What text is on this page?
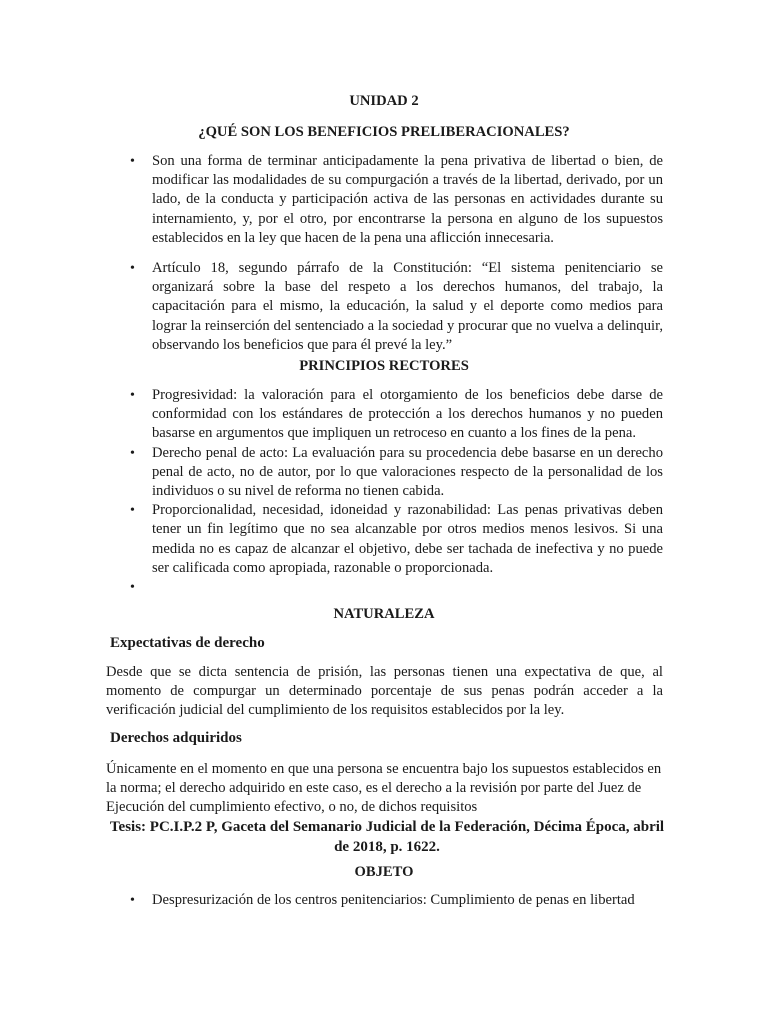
UNIDAD 2
¿QUÉ SON LOS BENEFICIOS PRELIBERACIONALES?
• Son una forma de terminar anticipadamente la pena privativa de libertad o bien, de modificar las modalidades de su compurgación a través de la libertad, derivado, por un lado, de la conducta y participación activa de las personas en actividades durante su internamiento, y, por el otro, por encontrarse la persona en alguno de los supuestos establecidos en la ley que hacen de la pena una aflicción innecesaria.
• Artículo 18, segundo párrafo de la Constitución: “El sistema penitenciario se organizará sobre la base del respeto a los derechos humanos, del trabajo, la capacitación para el mismo, la educación, la salud y el deporte como medios para lograr la reinserción del sentenciado a la sociedad y procurar que no vuelva a delinquir, observando los beneficios que para él prevé la ley.”
PRINCIPIOS RECTORES
• Progresividad: la valoración para el otorgamiento de los beneficios debe darse de conformidad con los estándares de protección a los derechos humanos y no pueden basarse en argumentos que impliquen un retroceso en cuanto a los fines de la pena.
• Derecho penal de acto: La evaluación para su procedencia debe basarse en un derecho penal de acto, no de autor, por lo que valoraciones respecto de la personalidad de los individuos o su nivel de reforma no tienen cabida.
• Proporcionalidad, necesidad, idoneidad y razonabilidad: Las penas privativas deben tener un fin legítimo que no sea alcanzable por otros medios menos lesivos. Si una medida no es capaz de alcanzar el objetivo, debe ser tachada de inefectiva y no puede ser calificada como apropiada, razonable o proporcionada.
•
NATURALEZA
Expectativas de derecho

Desde que se dicta sentencia de prisión, las personas tienen una expectativa de que, al momento de compurgar un determinado porcentaje de sus penas podrán acceder a la verificación judicial del cumplimiento de los requisitos establecidos por la ley.

Derechos adquiridos

Únicamente en el momento en que una persona se encuentra bajo los supuestos establecidos en la norma; el derecho adquirido en este caso, es el derecho a la revisión por parte del Juez de Ejecución del cumplimiento efectivo, o no, de dichos requisitos

Tesis: PC.I.P.2 P, Gaceta del Semanario Judicial de la Federación, Décima Época, abril de 2018, p. 1622.

OBJETO
• Despresurización de los centros penitenciarios: Cumplimiento de penas en libertad
